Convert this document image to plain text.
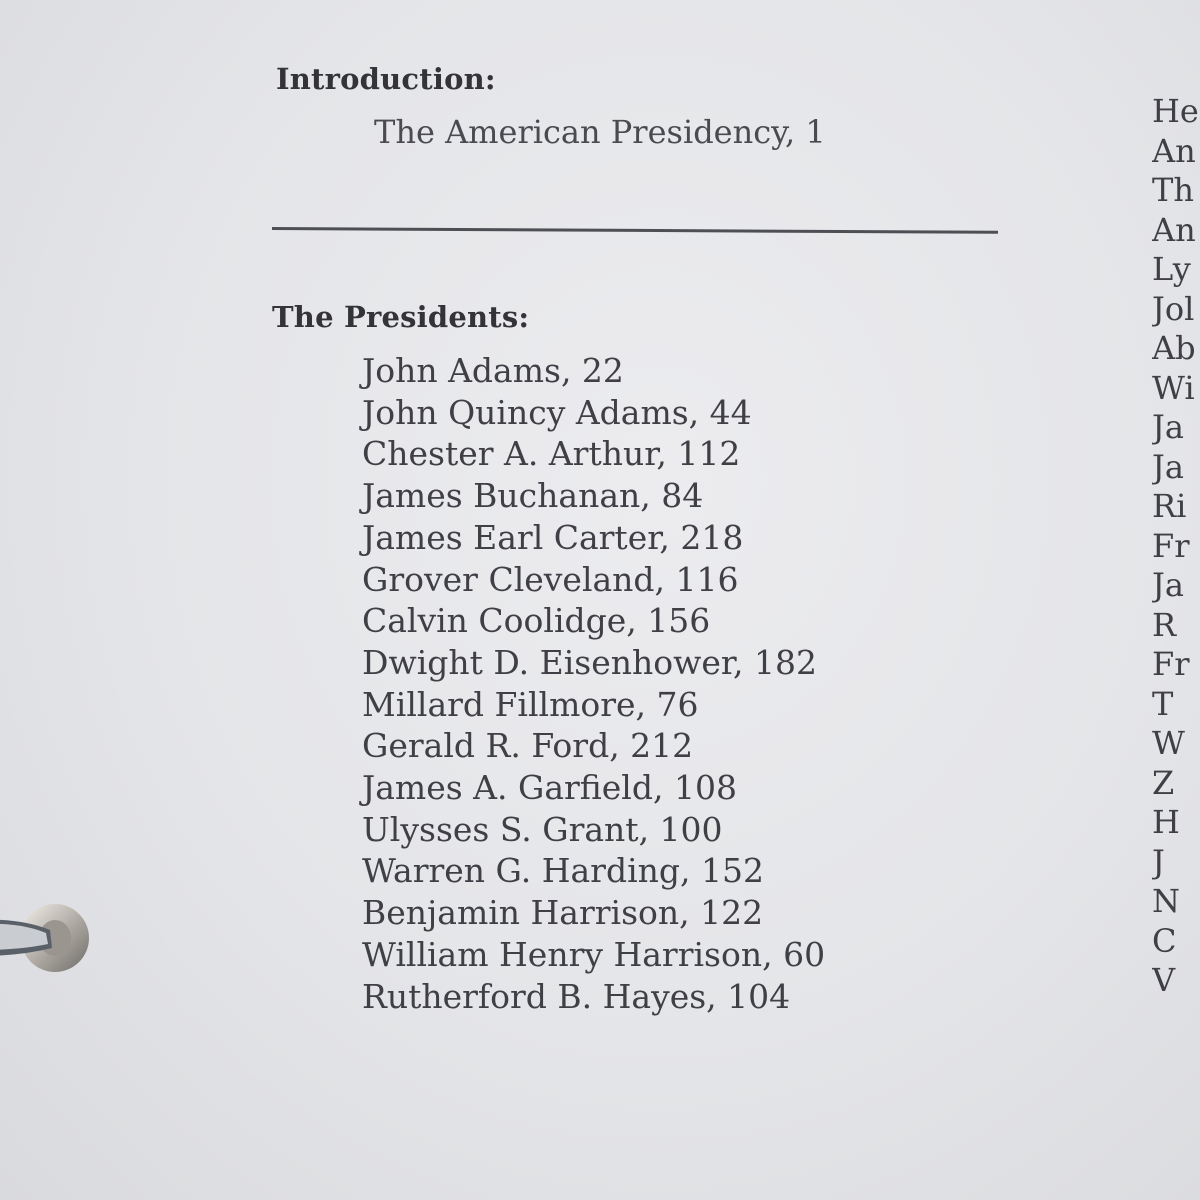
Introduction:
The American Presidency, 1
The Presidents:
John Adams, 22
John Quincy Adams, 44
Chester A. Arthur, 112
James Buchanan, 84
James Earl Carter, 218
Grover Cleveland, 116
Calvin Coolidge, 156
Dwight D. Eisenhower, 182
Millard Fillmore, 76
Gerald R. Ford, 212
James A. Garfield, 108
Ulysses S. Grant, 100
Warren G. Harding, 152
Benjamin Harrison, 122
William Henry Harrison, 60
Rutherford B. Hayes, 104
He
An
Th
An
Ly
Jol
Ab
Wi
Ja
Ja
Ri
Fr
Ja
R
Fr
T
W
Z
H
J
N
C
V
